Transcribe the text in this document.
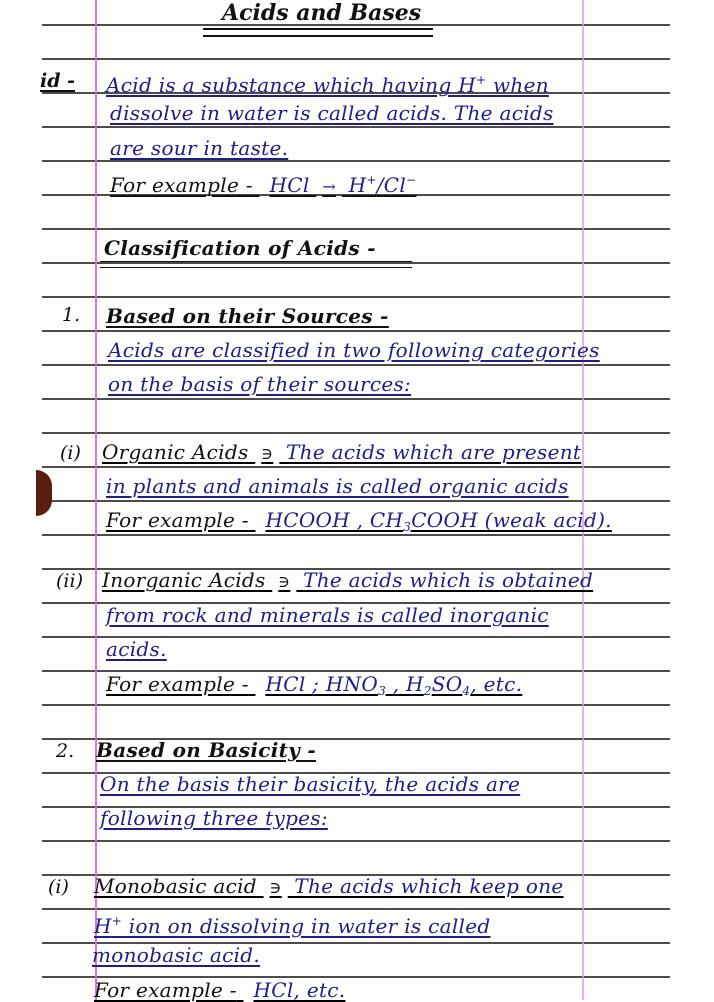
Acids and Bases
id - Acid is a substance which having H+ when
dissolve in water is called acids. The acids
are sour in taste.
For example - HCl → H+/Cl−
Classification of Acids -
1. Based on their Sources -
Acids are classified in two following categories
on the basis of their sources:
(i) Organic Acids ∋ The acids which are present
in plants and animals is called organic acids
For example - HCOOH , $CH_3COOH$ (weak acid).
(ii) Inorganic Acids ∋ The acids which is obtained
from rock and minerals is called inorganic
acids.
For example - HCl ; $HNO_3$ , $H_2SO_4$, etc.
2. Based on Basicity -
On the basis their basicity, the acids are
following three types:
(i) Monobasic acid ∋ The acids which keep one
H+ ion on dissolving in water is called
monobasic acid.
For example - HCl, etc.
